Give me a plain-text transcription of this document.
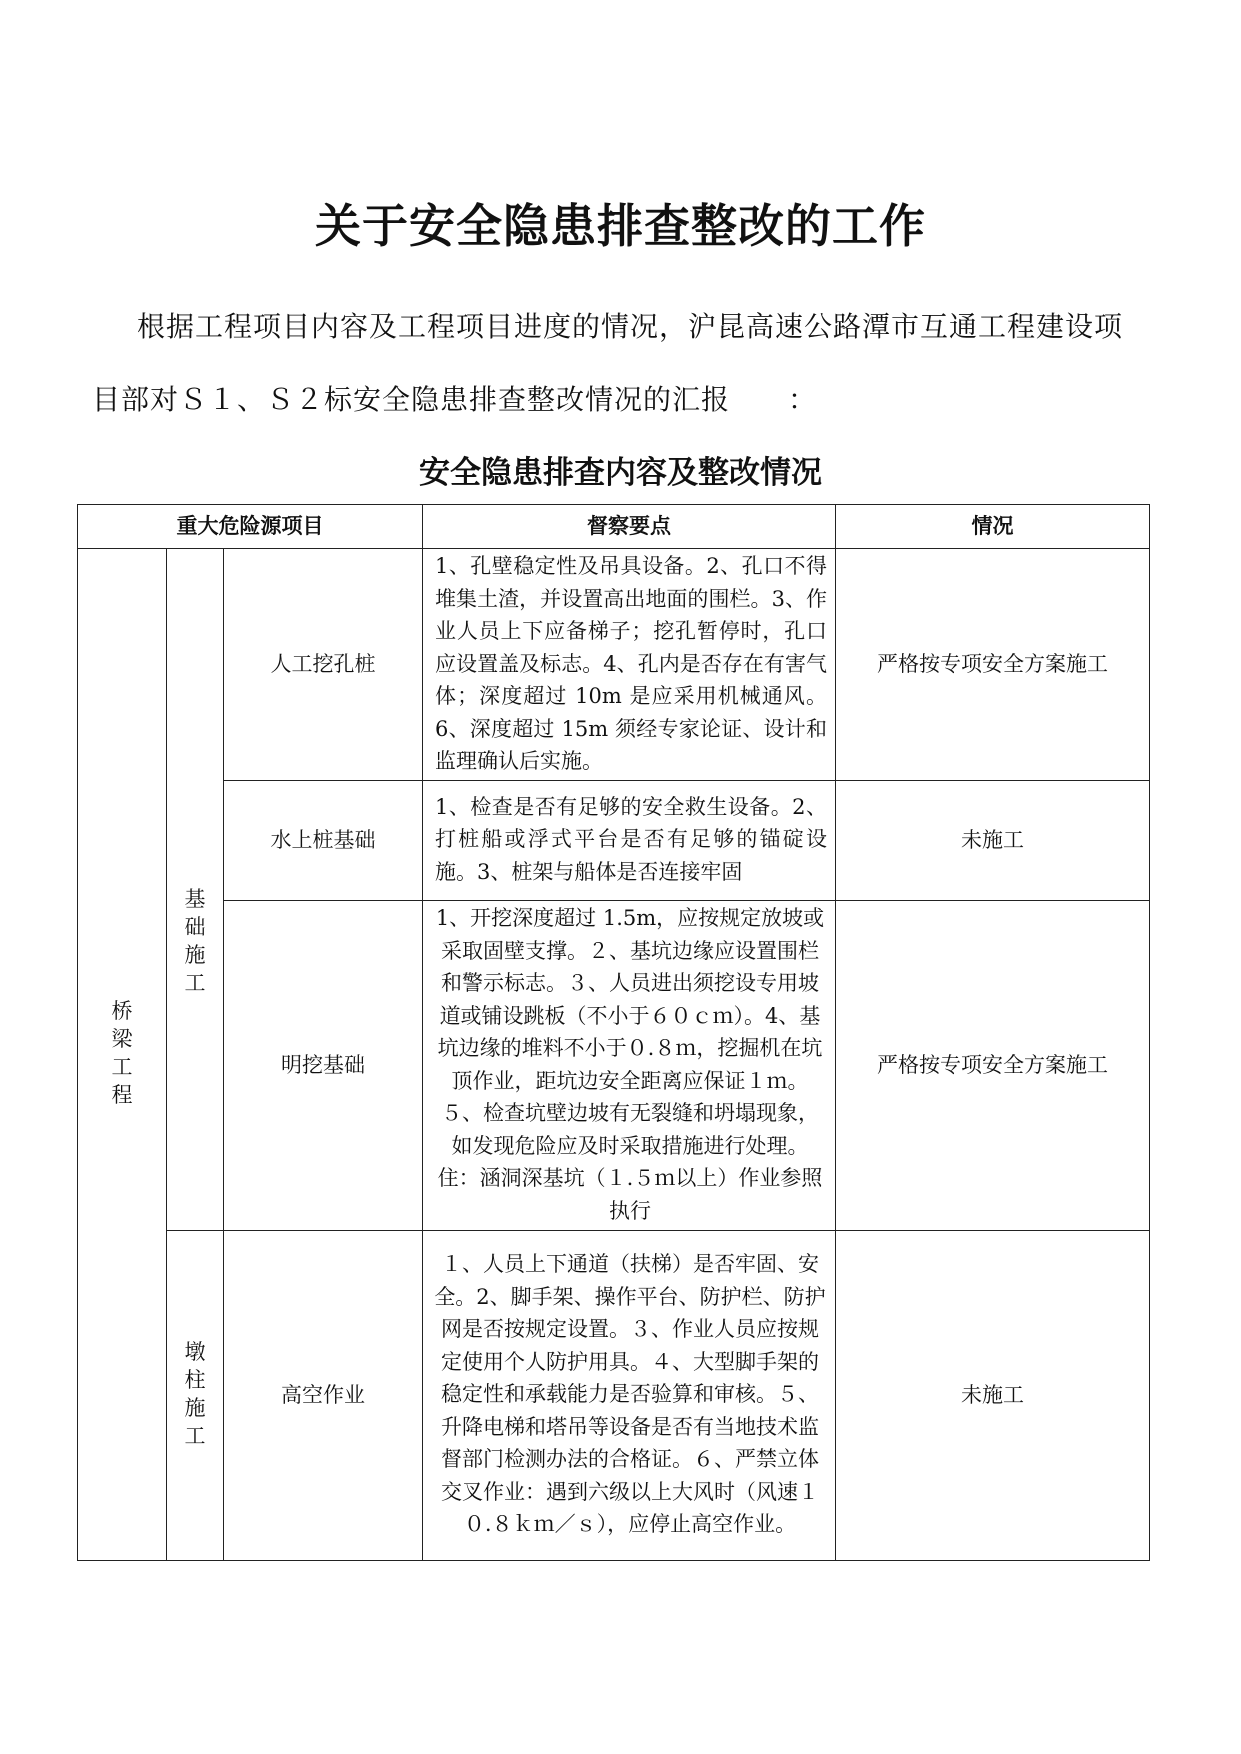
关于安全隐患排查整改的工作
根据工程项目内容及工程项目进度的情况，沪昆高速公路潭市互通工程建设项
目部对Ｓ１、Ｓ２标安全隐患排查整改情况的汇报　　：
安全隐患排查内容及整改情况
重大危险源项目			督察要点	情况
桥梁工程	基础施工	人工挖孔桩	1、孔壁稳定性及吊具设备。2、孔口不得堆集土渣，并设置高出地面的围栏。3、作业人员上下应备梯子；挖孔暂停时，孔口应设置盖及标志。4、孔内是否存在有害气体；深度超过 10m 是应采用机械通风。6、深度超过 15m 须经专家论证、设计和监理确认后实施。	严格按专项安全方案施工
		水上桩基础	1、检查是否有足够的安全救生设备。2、打桩船或浮式平台是否有足够的锚碇设施。3、桩架与船体是否连接牢固	未施工
		明挖基础	1、开挖深度超过 1.5m，应按规定放坡或采取固壁支撑。２、基坑边缘应设置围栏和警示标志。３、人员进出须挖设专用坡道或铺设跳板（不小于６０ｃｍ）。4、基坑边缘的堆料不小于０.８ｍ，挖掘机在坑顶作业，距坑边安全距离应保证１ｍ。５、检查坑壁边坡有无裂缝和坍塌现象，如发现危险应及时采取措施进行处理。住：涵洞深基坑（１.５ｍ以上）作业参照执行	严格按专项安全方案施工
	墩柱施工	高空作业	１、人员上下通道（扶梯）是否牢固、安全。2、脚手架、操作平台、防护栏、防护网是否按规定设置。３、作业人员应按规定使用个人防护用具。４、大型脚手架的稳定性和承载能力是否验算和审核。５、升降电梯和塔吊等设备是否有当地技术监督部门检测办法的合格证。６、严禁立体交叉作业：遇到六级以上大风时（风速１０.８ｋｍ／ｓ），应停止高空作业。	未施工
